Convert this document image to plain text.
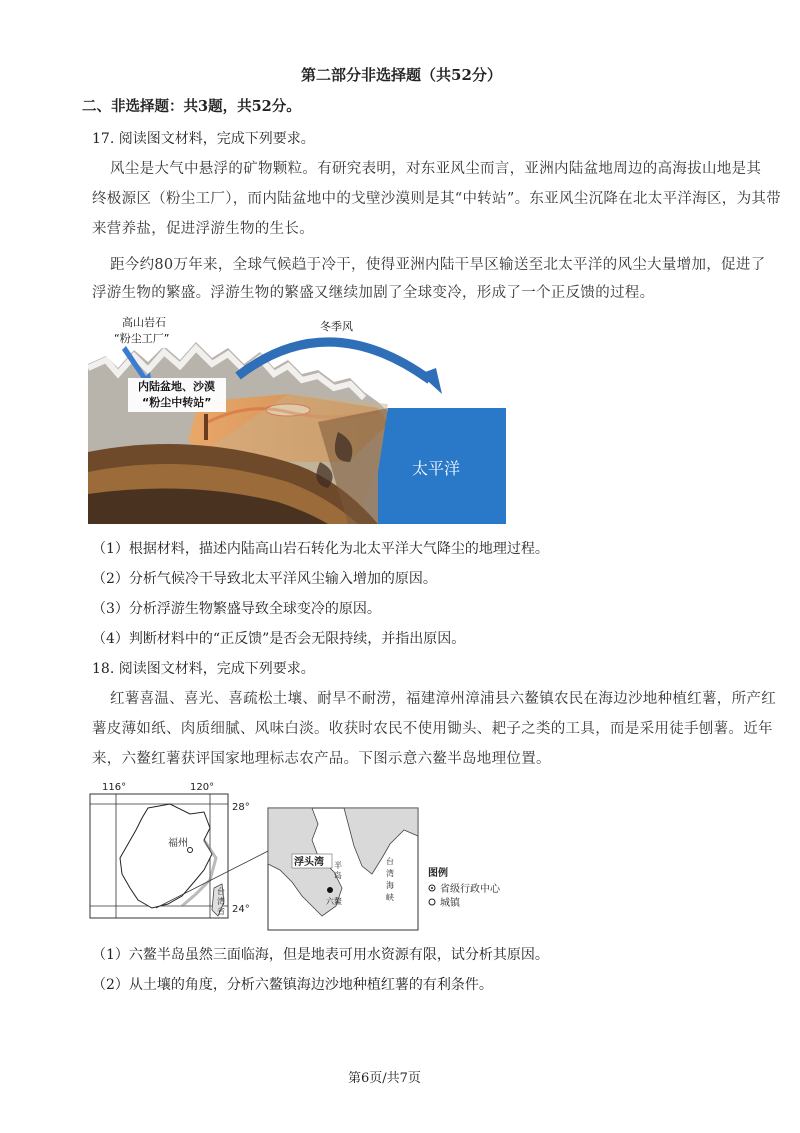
第二部分非选择题（共52分）
二、非选择题：共3题，共52分。
17. 阅读图文材料，完成下列要求。
风尘是大气中悬浮的矿物颗粒。有研究表明，对东亚风尘而言，亚洲内陆盆地周边的高海拔山地是其
终极源区（粉尘工厂），而内陆盆地中的戈壁沙漠则是其“中转站”。东亚风尘沉降在北太平洋海区，为其带
来营养盐，促进浮游生物的生长。
距今约80万年来，全球气候趋于冷干，使得亚洲内陆干旱区输送至北太平洋的风尘大量增加，促进了
浮游生物的繁盛。浮游生物的繁盛又继续加剧了全球变冷，形成了一个正反馈的过程。
高山岩石
“粉尘工厂”
内陆盆地、沙漠
“粉尘中转站”
冬季风
太平洋
（1）根据材料，描述内陆高山岩石转化为北太平洋大气降尘的地理过程。
（2）分析气候冷干导致北太平洋风尘输入增加的原因。
（3）分析浮游生物繁盛导致全球变冷的原因。
（4）判断材料中的“正反馈”是否会无限持续，并指出原因。
18. 阅读图文材料，完成下列要求。
红薯喜温、喜光、喜疏松土壤、耐旱不耐涝，福建漳州漳浦县六鳌镇农民在海边沙地种植红薯，所产红
薯皮薄如纸、肉质细腻、风味白淡。收获时农民不使用锄头、耙子之类的工具，而是采用徒手刨薯。近年
来，六鳌红薯获评国家地理标志农产品。下图示意六鳌半岛地理位置。
116°	120°
28°
24°
福州
台
湾
省
浮头湾 半
岛
六鳌
台
湾
海
峡
图例
省级行政中心
城镇
（1）六鳌半岛虽然三面临海，但是地表可用水资源有限，试分析其原因。
（2）从土壤的角度，分析六鳌镇海边沙地种植红薯的有利条件。
第6页/共7页
